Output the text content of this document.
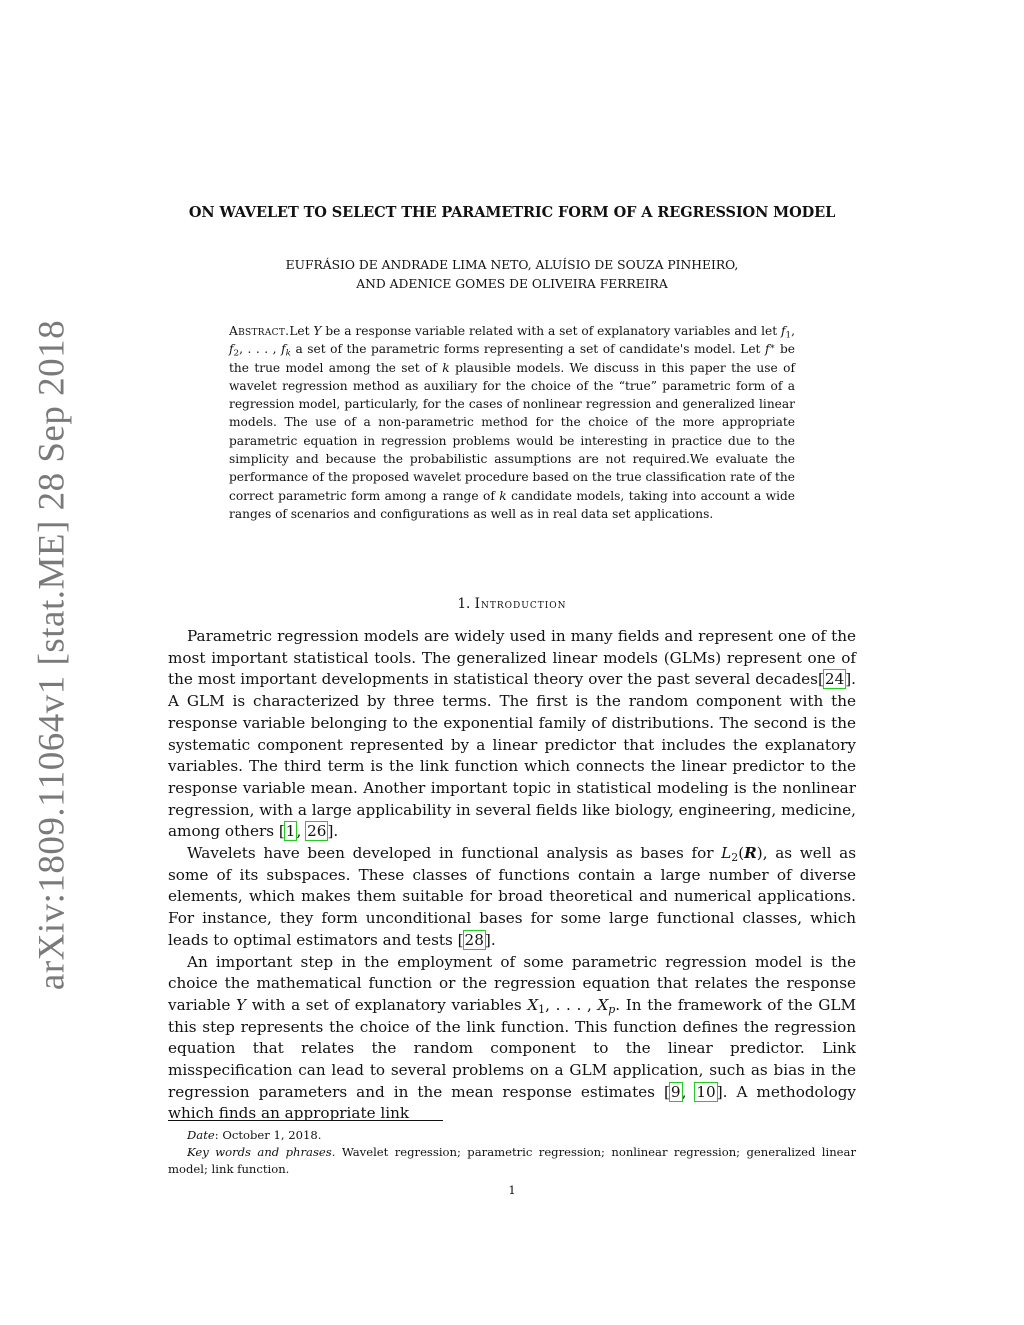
arXiv:1809.11064v1 [stat.ME] 28 Sep 2018
ON WAVELET TO SELECT THE PARAMETRIC FORM OF A REGRESSION MODEL
EUFRÁSIO DE ANDRADE LIMA NETO, ALUÍSIO DE SOUZA PINHEIRO,
AND ADENICE GOMES DE OLIVEIRA FERREIRA
Abstract.Let Y be a response variable related with a set of explanatory variables and let $f_1$, $f_2$, . . . , $f_k$ a set of the parametric forms representing a set of candidate's model. Let f∗ be the true model among the set of k plausible models. We discuss in this paper the use of wavelet regression method as auxiliary for the choice of the “true” parametric form of a regression model, particularly, for the cases of nonlinear regression and generalized linear models. The use of a non-parametric method for the choice of the more appropriate parametric equation in regression problems would be interesting in practice due to the simplicity and because the probabilistic assumptions are not required.We evaluate the performance of the proposed wavelet procedure based on the true classification rate of the correct parametric form among a range of k candidate models, taking into account a wide ranges of scenarios and configurations as well as in real data set applications.
1. Introduction

Parametric regression models are widely used in many fields and represent one of the most important statistical tools. The generalized linear models (GLMs) represent one of the most important developments in statistical theory over the past several decades[24]. A GLM is characterized by three terms. The first is the random component with the response variable belonging to the exponential family of distributions. The second is the systematic component represented by a linear predictor that includes the explanatory variables. The third term is the link function which connects the linear predictor to the response variable mean. Another important topic in statistical modeling is the nonlinear regression, with a large applicability in several fields like biology, engineering, medicine, among others [1, 26].

Wavelets have been developed in functional analysis as bases for $L_2(R)$, as well as some of its subspaces. These classes of functions contain a large number of diverse elements, which makes them suitable for broad theoretical and numerical applications. For instance, they form unconditional bases for some large functional classes, which leads to optimal estimators and tests [28].

An important step in the employment of some parametric regression model is the choice the mathematical function or the regression equation that relates the response variable Y with a set of explanatory variables $X_1$, . . . , $X_p$. In the framework of the GLM this step represents the choice of the link function. This function defines the regression equation that relates the random component to the linear predictor. Link misspecification can lead to several problems on a GLM application, such as bias in the regression parameters and in the mean response estimates [9, 10]. A methodology which finds an appropriate link

Date: October 1, 2018.

Key words and phrases. Wavelet regression; parametric regression; nonlinear regression; generalized linear model; link function.

1
